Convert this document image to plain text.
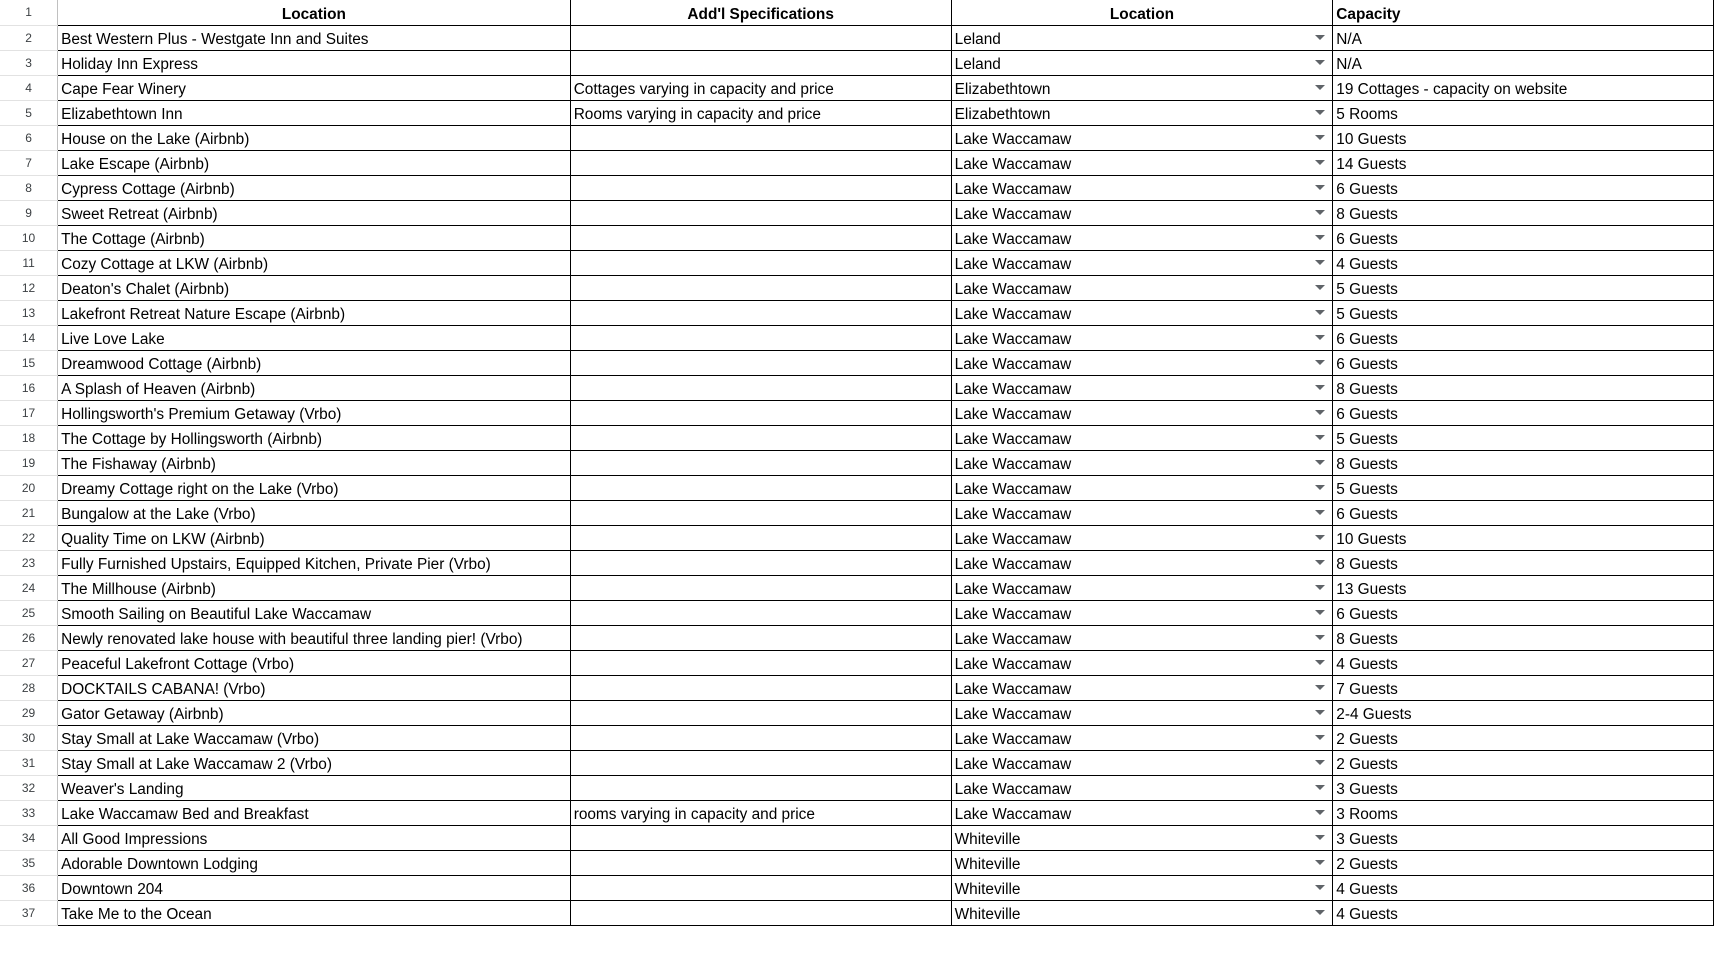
1	Location	Add'l Specifications	Location	Capacity
2	Best Western Plus - Westgate Inn and Suites		Leland	N/A
3	Holiday Inn Express		Leland	N/A
4	Cape Fear Winery	Cottages varying in capacity and price	Elizabethtown	19 Cottages - capacity on website
5	Elizabethtown Inn	Rooms varying in capacity and price	Elizabethtown	5 Rooms
6	House on the Lake (Airbnb)		Lake Waccamaw	10 Guests
7	Lake Escape (Airbnb)		Lake Waccamaw	14 Guests
8	Cypress Cottage (Airbnb)		Lake Waccamaw	6 Guests
9	Sweet Retreat (Airbnb)		Lake Waccamaw	8 Guests
10	The Cottage (Airbnb)		Lake Waccamaw	6 Guests
11	Cozy Cottage at LKW (Airbnb)		Lake Waccamaw	4 Guests
12	Deaton's Chalet (Airbnb)		Lake Waccamaw	5 Guests
13	Lakefront Retreat Nature Escape (Airbnb)		Lake Waccamaw	5 Guests
14	Live Love Lake		Lake Waccamaw	6 Guests
15	Dreamwood Cottage (Airbnb)		Lake Waccamaw	6 Guests
16	A Splash of Heaven (Airbnb)		Lake Waccamaw	8 Guests
17	Hollingsworth's Premium Getaway (Vrbo)		Lake Waccamaw	6 Guests
18	The Cottage by Hollingsworth (Airbnb)		Lake Waccamaw	5 Guests
19	The Fishaway (Airbnb)		Lake Waccamaw	8 Guests
20	Dreamy Cottage right on the Lake (Vrbo)		Lake Waccamaw	5 Guests
21	Bungalow at the Lake (Vrbo)		Lake Waccamaw	6 Guests
22	Quality Time on LKW (Airbnb)		Lake Waccamaw	10 Guests
23	Fully Furnished Upstairs, Equipped Kitchen, Private Pier (Vrbo)		Lake Waccamaw	8 Guests
24	The Millhouse (Airbnb)		Lake Waccamaw	13 Guests
25	Smooth Sailing on Beautiful Lake Waccamaw		Lake Waccamaw	6 Guests
26	Newly renovated lake house with beautiful three landing pier! (Vrbo)		Lake Waccamaw	8 Guests
27	Peaceful Lakefront Cottage (Vrbo)		Lake Waccamaw	4 Guests
28	DOCKTAILS CABANA! (Vrbo)		Lake Waccamaw	7 Guests
29	Gator Getaway (Airbnb)		Lake Waccamaw	2-4 Guests
30	Stay Small at Lake Waccamaw (Vrbo)		Lake Waccamaw	2 Guests
31	Stay Small at Lake Waccamaw 2 (Vrbo)		Lake Waccamaw	2 Guests
32	Weaver's Landing		Lake Waccamaw	3 Guests
33	Lake Waccamaw Bed and Breakfast	rooms varying in capacity and price	Lake Waccamaw	3 Rooms
34	All Good Impressions		Whiteville	3 Guests
35	Adorable Downtown Lodging		Whiteville	2 Guests
36	Downtown 204		Whiteville	4 Guests
37	Take Me to the Ocean		Whiteville	4 Guests
